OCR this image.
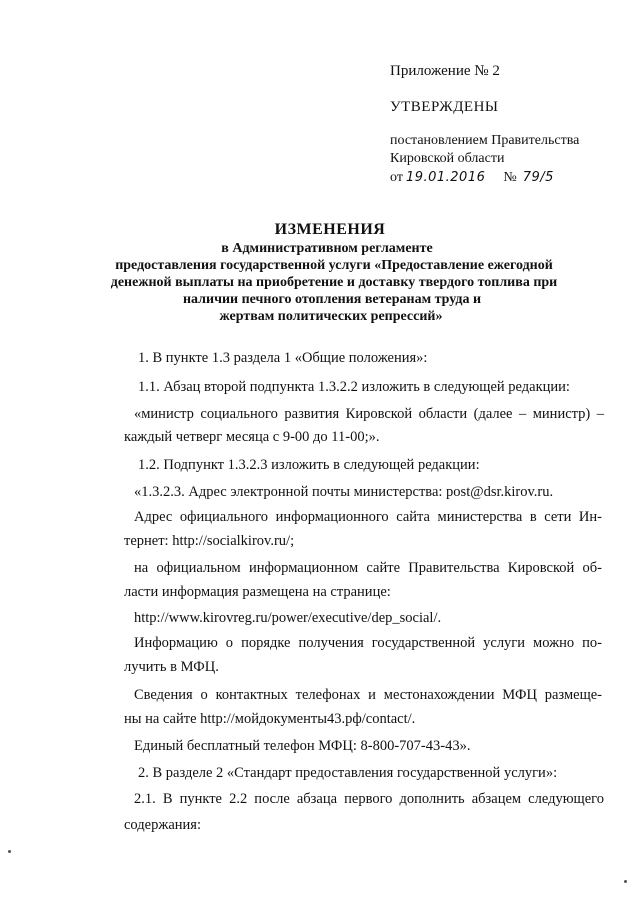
Приложение № 2
УТВЕРЖДЕНЫ
постановлением Правительства
Кировской области
от 19.01.2016 № 79/5
ИЗМЕНЕНИЯ
в Административном регламенте
предоставления государственной услуги «Предоставление ежегодной
денежной выплаты на приобретение и доставку твердого топлива при
наличии печного отопления ветеранам труда и
жертвам политических репрессий»
1. В пункте 1.3 раздела 1 «Общие положения»:
1.1. Абзац второй подпункта 1.3.2.2 изложить в следующей редакции:
«министр социального развития Кировской области (далее – министр) –
каждый четверг месяца с 9-00 до 11-00;».
1.2. Подпункт 1.3.2.3 изложить в следующей редакции:
«1.3.2.3. Адрес электронной почты министерства: post@dsr.kirov.ru.
Адрес официального информационного сайта министерства в сети Ин-
тернет: http://socialkirov.ru/;
на официальном информационном сайте Правительства Кировской об-
ласти информация размещена на странице:
http://www.kirovreg.ru/power/executive/dep_social/.
Информацию о порядке получения государственной услуги можно по-
лучить в МФЦ.
Сведения о контактных телефонах и местонахождении МФЦ размеще-
ны на сайте http://мойдокументы43.рф/contact/.
Единый бесплатный телефон МФЦ: 8-800-707-43-43».
2. В разделе 2 «Стандарт предоставления государственной услуги»:
2.1. В пункте 2.2 после абзаца первого дополнить абзацем следующего
содержания:
